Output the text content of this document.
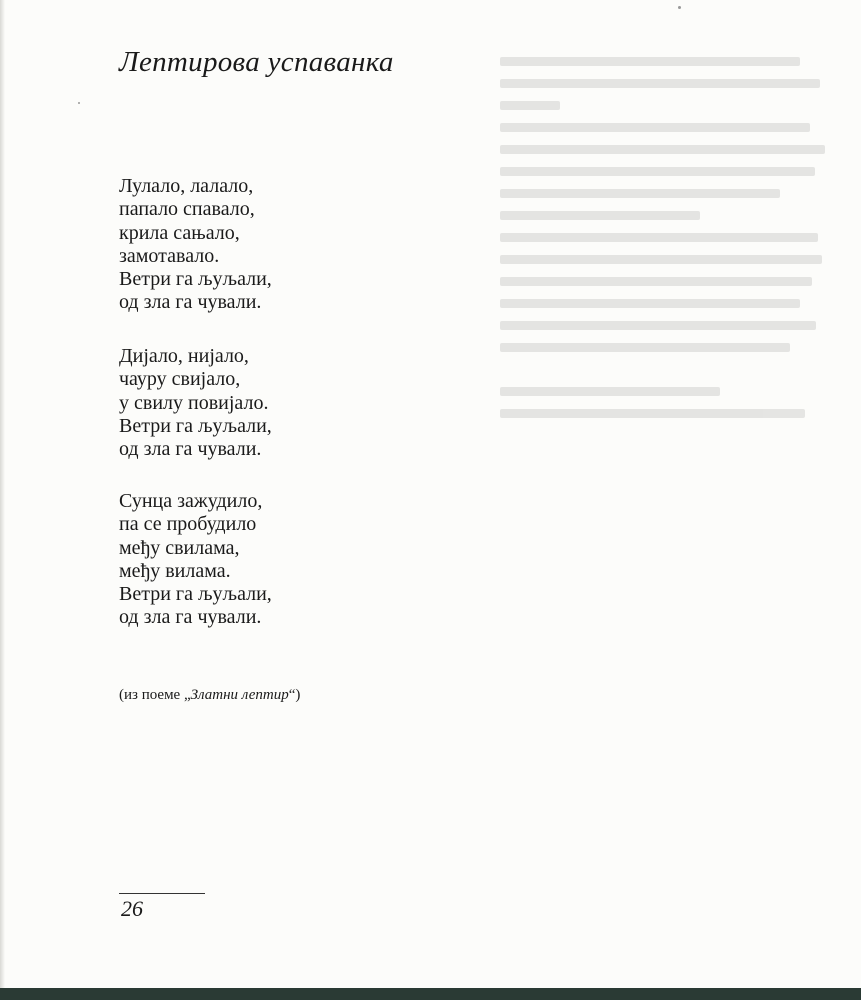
Лептирова успаванка
Лулало, лалало,
папало спавало,
крила сањало,
замотавало.
Ветри га љуљали,
од зла га чували.
Дијало, нијало,
чауру свијало,
у свилу повијало.
Ветри га љуљали,
од зла га чували.
Сунца зажудило,
па се пробудило
међу свилама,
међу вилама.
Ветри га љуљали,
од зла га чували.
(из поеме „Златни лептир“)
26
